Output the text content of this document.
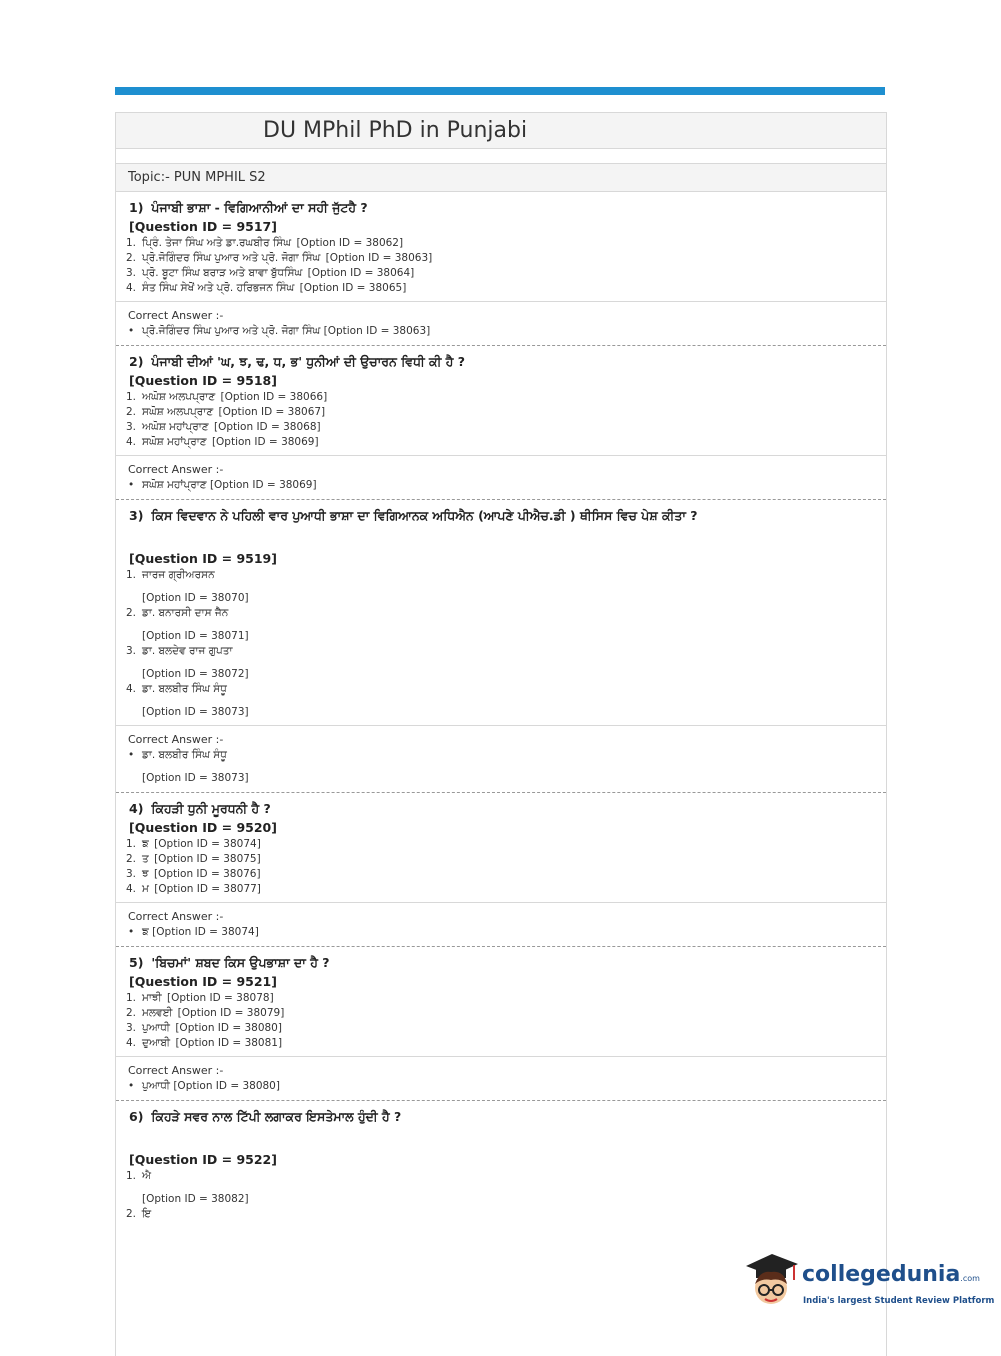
DU MPhil PhD in Punjabi
Topic:- PUN MPHIL S2
1) ਪੰਜਾਬੀ ਭਾਸ਼ਾ - ਵਿਗਿਆਨੀਆਂ ਦਾ ਸਹੀ ਜੁੱਟਹੈ ?
[Question ID = 9517]
1. ਪ੍ਰਿੰ. ਤੇਜਾ ਸਿੰਘ ਅਤੇ ਡਾ.ਰਘਬੀਰ ਸਿੰਘ [Option ID = 38062]
2. ਪ੍ਰੋ.ਜੋਗਿੰਦਰ ਸਿੰਘ ਪੁਆਰ ਅਤੇ ਪ੍ਰੋ. ਜੋਗਾ ਸਿੰਘ [Option ID = 38063]
3. ਪ੍ਰੋ. ਬੂਟਾ ਸਿੰਘ ਬਰਾੜ ਅਤੇ ਬਾਵਾ ਬੁੱਧਸਿੰਘ [Option ID = 38064]
4. ਸੰਤ ਸਿੰਘ ਸੇਖੋਂ ਅਤੇ ਪ੍ਰੋ. ਹਰਿਭਜਨ ਸਿੰਘ [Option ID = 38065]
Correct Answer :-
• ਪ੍ਰੋ.ਜੋਗਿੰਦਰ ਸਿੰਘ ਪੁਆਰ ਅਤੇ ਪ੍ਰੋ. ਜੋਗਾ ਸਿੰਘ [Option ID = 38063]
2) ਪੰਜਾਬੀ ਦੀਆਂ 'ਘ, ਝ, ਢ, ਧ, ਭ' ਧੁਨੀਆਂ ਦੀ ਉਚਾਰਨ ਵਿਧੀ ਕੀ ਹੈ ?
[Question ID = 9518]
1. ਅਘੋਸ਼ ਅਲਪਪ੍ਰਾਣ [Option ID = 38066]
2. ਸਘੋਸ਼ ਅਲਪਪ੍ਰਾਣ [Option ID = 38067]
3. ਅਘੋਸ਼ ਮਹਾਂਪ੍ਰਾਣ [Option ID = 38068]
4. ਸਘੋਸ਼ ਮਹਾਂਪ੍ਰਾਣ [Option ID = 38069]
Correct Answer :-
• ਸਘੋਸ਼ ਮਹਾਂਪ੍ਰਾਣ [Option ID = 38069]
3) ਕਿਸ ਵਿਦਵਾਨ ਨੇ ਪਹਿਲੀ ਵਾਰ ਪੁਆਧੀ ਭਾਸ਼ਾ ਦਾ ਵਿਗਿਆਨਕ ਅਧਿਐਨ (ਆਪਣੇ ਪੀਐਚ.ਡੀ ) ਥੀਸਿਸ ਵਿਚ ਪੇਸ਼ ਕੀਤਾ ?
[Question ID = 9519]
1. ਜਾਰਜ ਗ੍ਰੀਅਰਸਨ
[Option ID = 38070]
2. ਡਾ. ਬਨਾਰਸੀ ਦਾਸ ਜੈਨ
[Option ID = 38071]
3. ਡਾ. ਬਲਦੇਵ ਰਾਜ ਗੁਪਤਾ
[Option ID = 38072]
4. ਡਾ. ਬਲਬੀਰ ਸਿੰਘ ਸੰਧੂ
[Option ID = 38073]
Correct Answer :-
• ਡਾ. ਬਲਬੀਰ ਸਿੰਘ ਸੰਧੂ
[Option ID = 38073]
4) ਕਿਹੜੀ ਧੁਨੀ ਮੂਰਧਨੀ ਹੈ ?
[Question ID = 9520]
1. ਙ [Option ID = 38074]
2. ਤ [Option ID = 38075]
3. ਝ [Option ID = 38076]
4. ਮ [Option ID = 38077]
Correct Answer :-
• ਙ [Option ID = 38074]
5) 'ਬਿਚਮਾਂ' ਸ਼ਬਦ ਕਿਸ ਉਪਭਾਸ਼ਾ ਦਾ ਹੈ ?
[Question ID = 9521]
1. ਮਾਝੀ [Option ID = 38078]
2. ਮਲਵਈ [Option ID = 38079]
3. ਪੁਆਧੀ [Option ID = 38080]
4. ਦੁਆਬੀ [Option ID = 38081]
Correct Answer :-
• ਪੁਆਧੀ [Option ID = 38080]
6) ਕਿਹੜੇ ਸਵਰ ਨਾਲ ਟਿੱਪੀ ਲਗਾਕਰ ਇਸਤੇਮਾਲ ਹੁੰਦੀ ਹੈ ?
[Question ID = 9522]
1. ਐ
[Option ID = 38082]
2. ਇ
collegedunia.com
India's largest Student Review Platform
